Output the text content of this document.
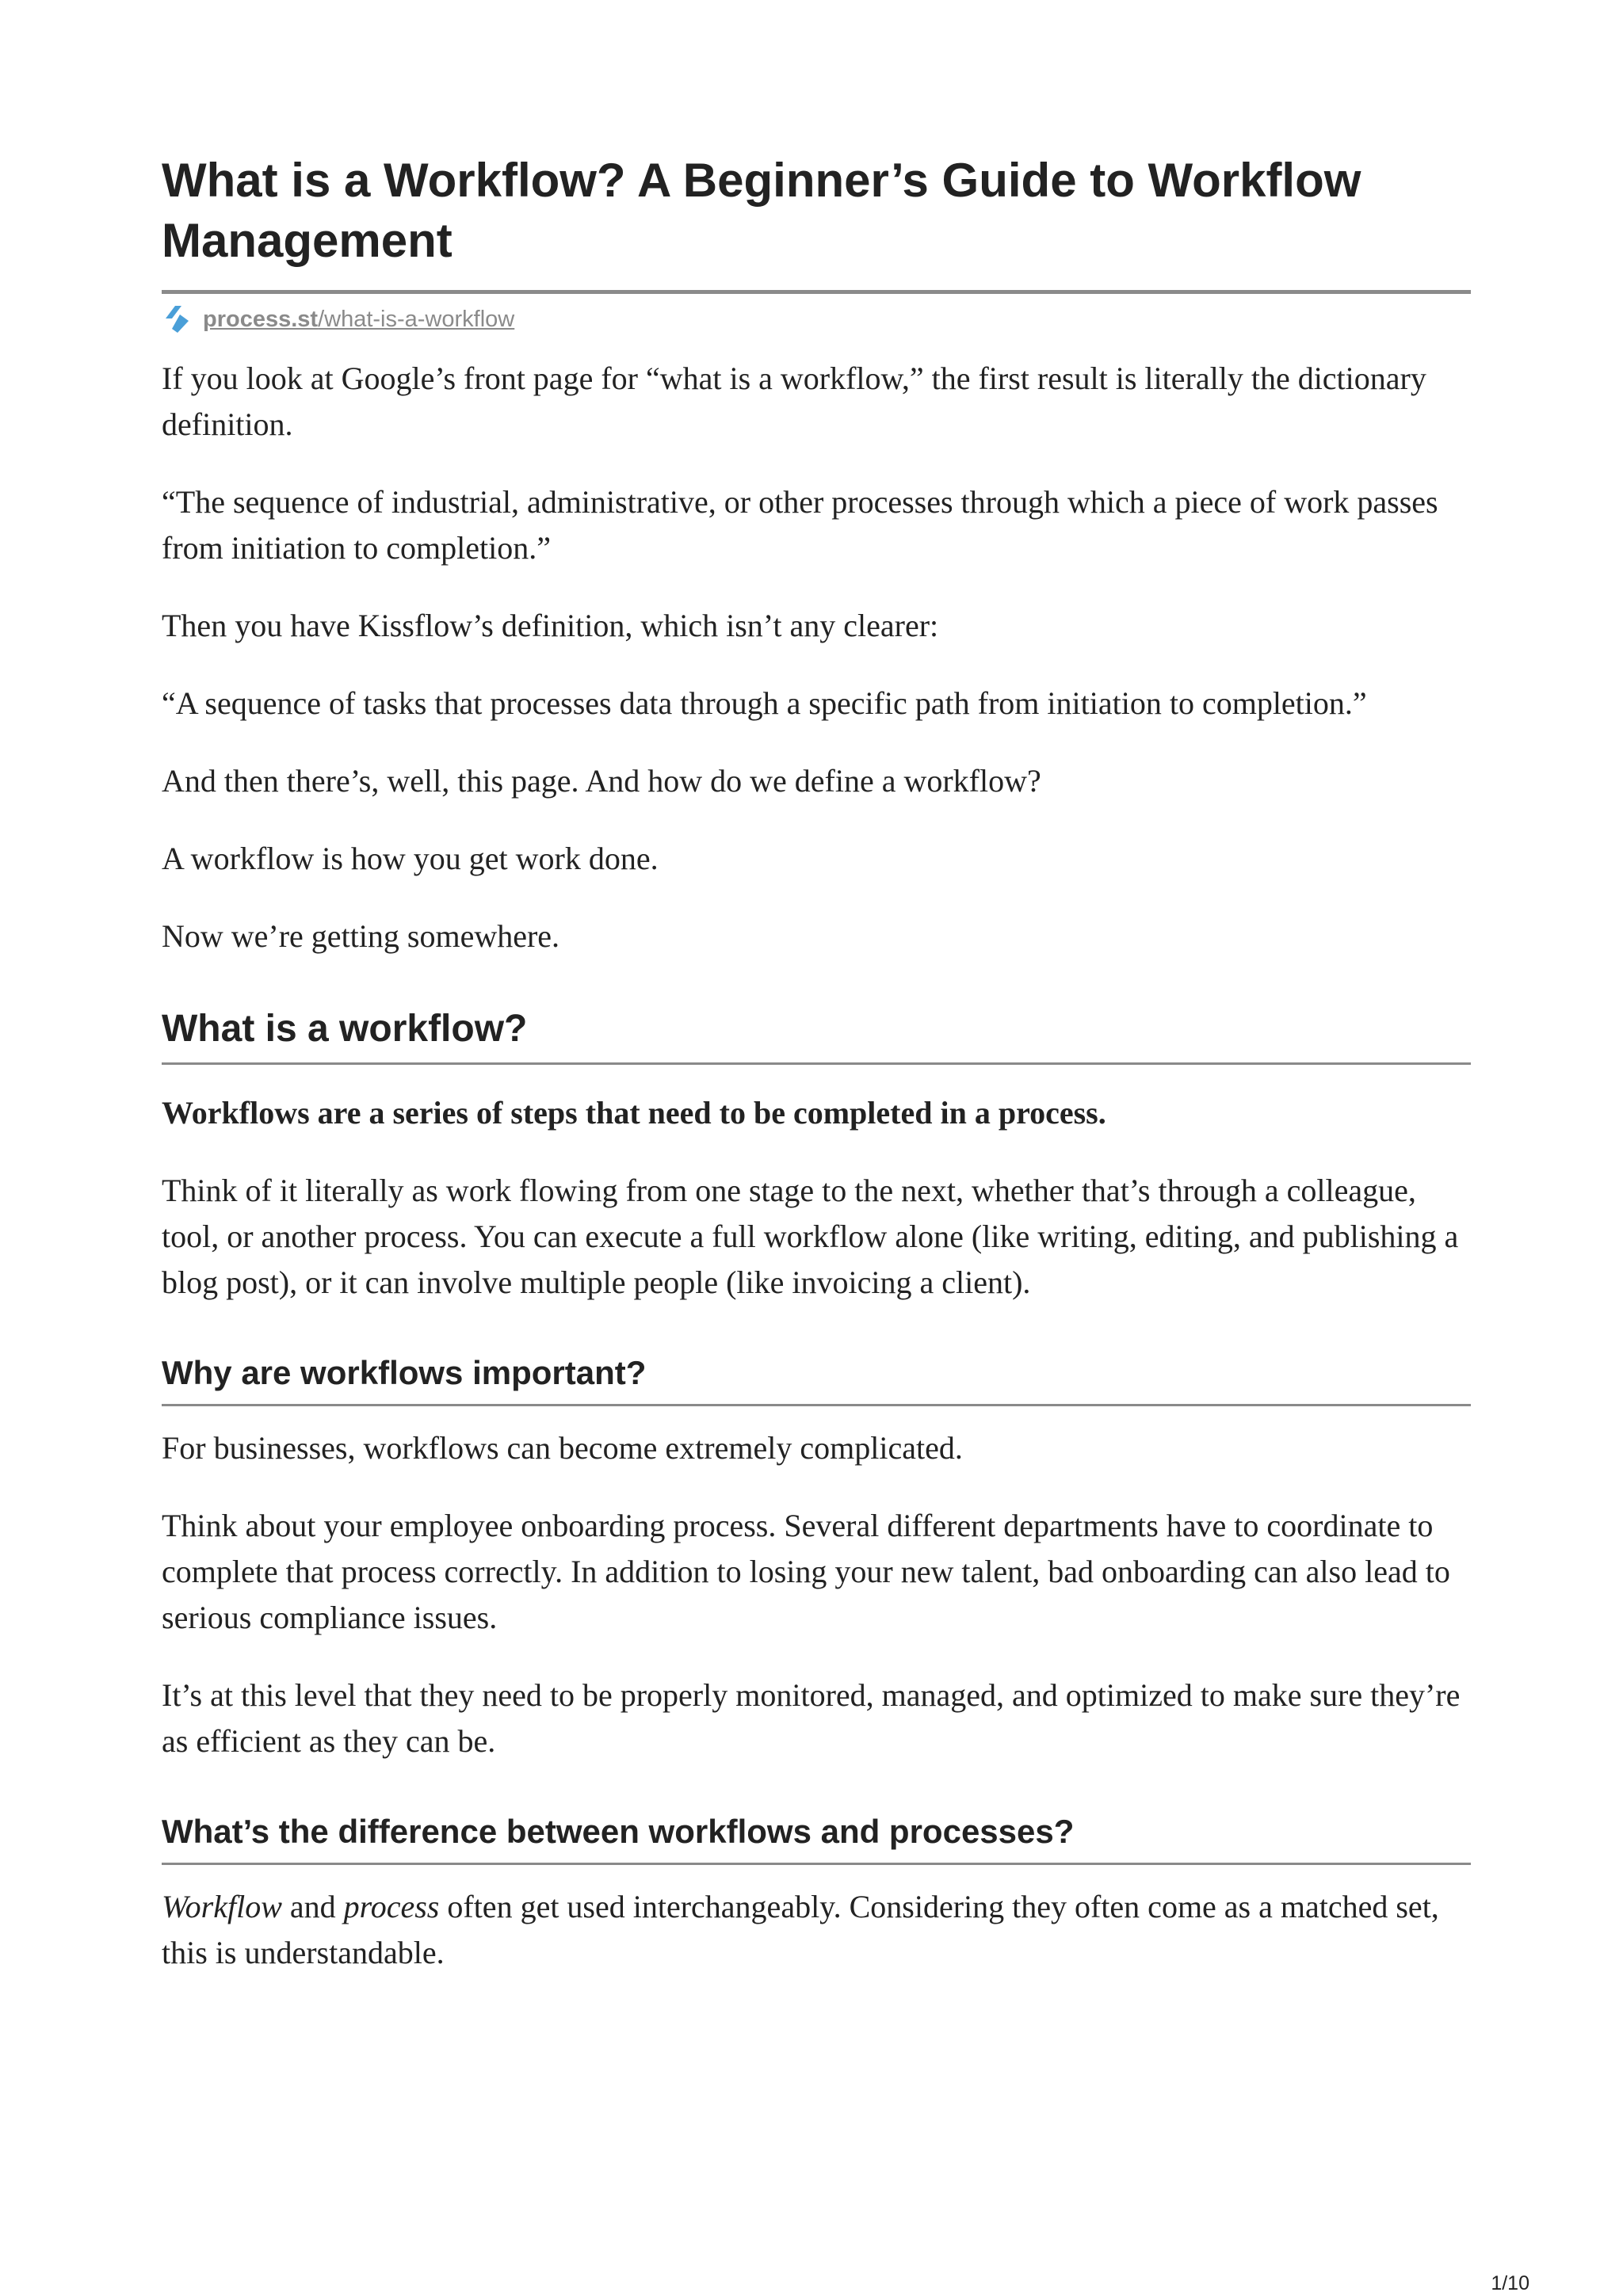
What is a Workflow? A Beginner’s Guide to Workflow Management
process.st/what-is-a-workflow

If you look at Google’s front page for “what is a workflow,” the first result is literally the dictionary definition.

“The sequence of industrial, administrative, or other processes through which a piece of work passes from initiation to completion.”

Then you have Kissflow’s definition, which isn’t any clearer:

“A sequence of tasks that processes data through a specific path from initiation to completion.”

And then there’s, well, this page. And how do we define a workflow?

A workflow is how you get work done.

Now we’re getting somewhere.

What is a workflow?

Workflows are a series of steps that need to be completed in a process.

Think of it literally as work flowing from one stage to the next, whether that’s through a colleague, tool, or another process. You can execute a full workflow alone (like writing, editing, and publishing a blog post), or it can involve multiple people (like invoicing a client).

Why are workflows important?

For businesses, workflows can become extremely complicated.

Think about your employee onboarding process. Several different departments have to coordinate to complete that process correctly. In addition to losing your new talent, bad onboarding can also lead to serious compliance issues.

It’s at this level that they need to be properly monitored, managed, and optimized to make sure they’re as efficient as they can be.

What’s the difference between workflows and processes?

Workflow and process often get used interchangeably. Considering they often come as a matched set, this is understandable.

1/10
